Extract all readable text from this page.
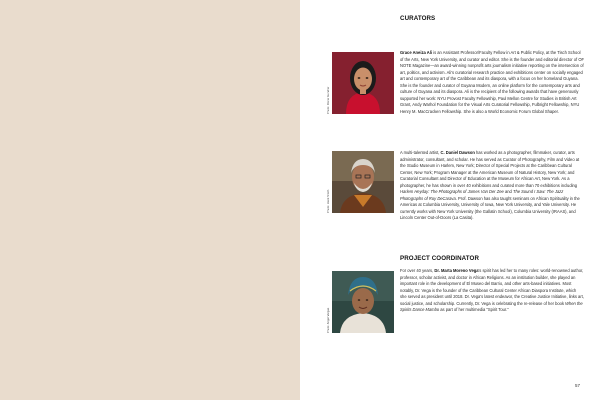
CURATORS
Photo: Oscar Gondrar
Grace Aneiza Ali is an Assistant Professor/Faculty Fellow in Art & Public Policy, at the Tisch School of the Arts, New York University, and curator and editor. She is the founder and editorial director of OF NOTE Magazine—an award-winning nonprofit arts journalism initiative reporting on the intersection of art, politics, and activism. Ali's curatorial research practice and exhibitions center on socially engaged art and contemporary art of the Caribbean and its diaspora, with a focus on her homeland Guyana. She is the founder and curator of Guyana Modern, an online platform for the contemporary arts and culture of Guyana and its diaspora. Ali is the recipient of the following awards that have generously supported her work: NYU Provost Faculty Fellowship, Paul Mellon Centre for Studies in British Art Grant, Andy Warhol Foundation for the Visual Arts Curatorial Fellowship, Fulbright Fellowship, NYU Henry M. MacCracken Fellowship. She is also a World Economic Forum Global Shaper.
Photo: Hank Smith
A multi-talented artist, C. Daniel Dawson has worked as a photographer, filmmaker, curator, arts administrator, consultant, and scholar. He has served as Curator of Photography, Film and Video at the Studio Museum in Harlem, New York; Director of Special Projects at the Caribbean Cultural Center, New York; Program Manager at the American Museum of Natural History, New York; and Curatorial Consultant and Director of Education at the Museum for African Art, New York. As a photographer, he has shown in over 40 exhibitions and curated more than 70 exhibitions including Harlem Heyday: The Photographs of James Van Der Zee and The Sound I Saw: The Jazz Photographs of Roy DeCarava. Prof. Dawson has also taught seminars on African Spirituality in the Americas at Columbia University, University of Iowa, New York University, and Yale University. He currently works with New York University (the Gallatin School), Columbia University (IRAAS), and Lincoln Center Out-of-Doors (La Casita).
PROJECT COORDINATOR
Photo: Angel Vargas
For over 40 years, Dr. Marta Moreno Vega's spirit has led her to many roles: world-renowned author, professor, scholar activist, and doctor in African Religions. As an institution builder, she played an important role in the development of El Museo del Barrio, and other arts-based initiatives. Most notably, Dr. Vega is the founder of the Caribbean Cultural Center African Diaspora Institute, which she served as president until 2018. Dr. Vega's latest endeavor, the Creative Justice Initiative, links art, social justice, and scholarship. Currently, Dr. Vega is celebrating the re-release of her book When the Spirits Dance Mambo as part of her multimedia "Spirit Tour."
57
